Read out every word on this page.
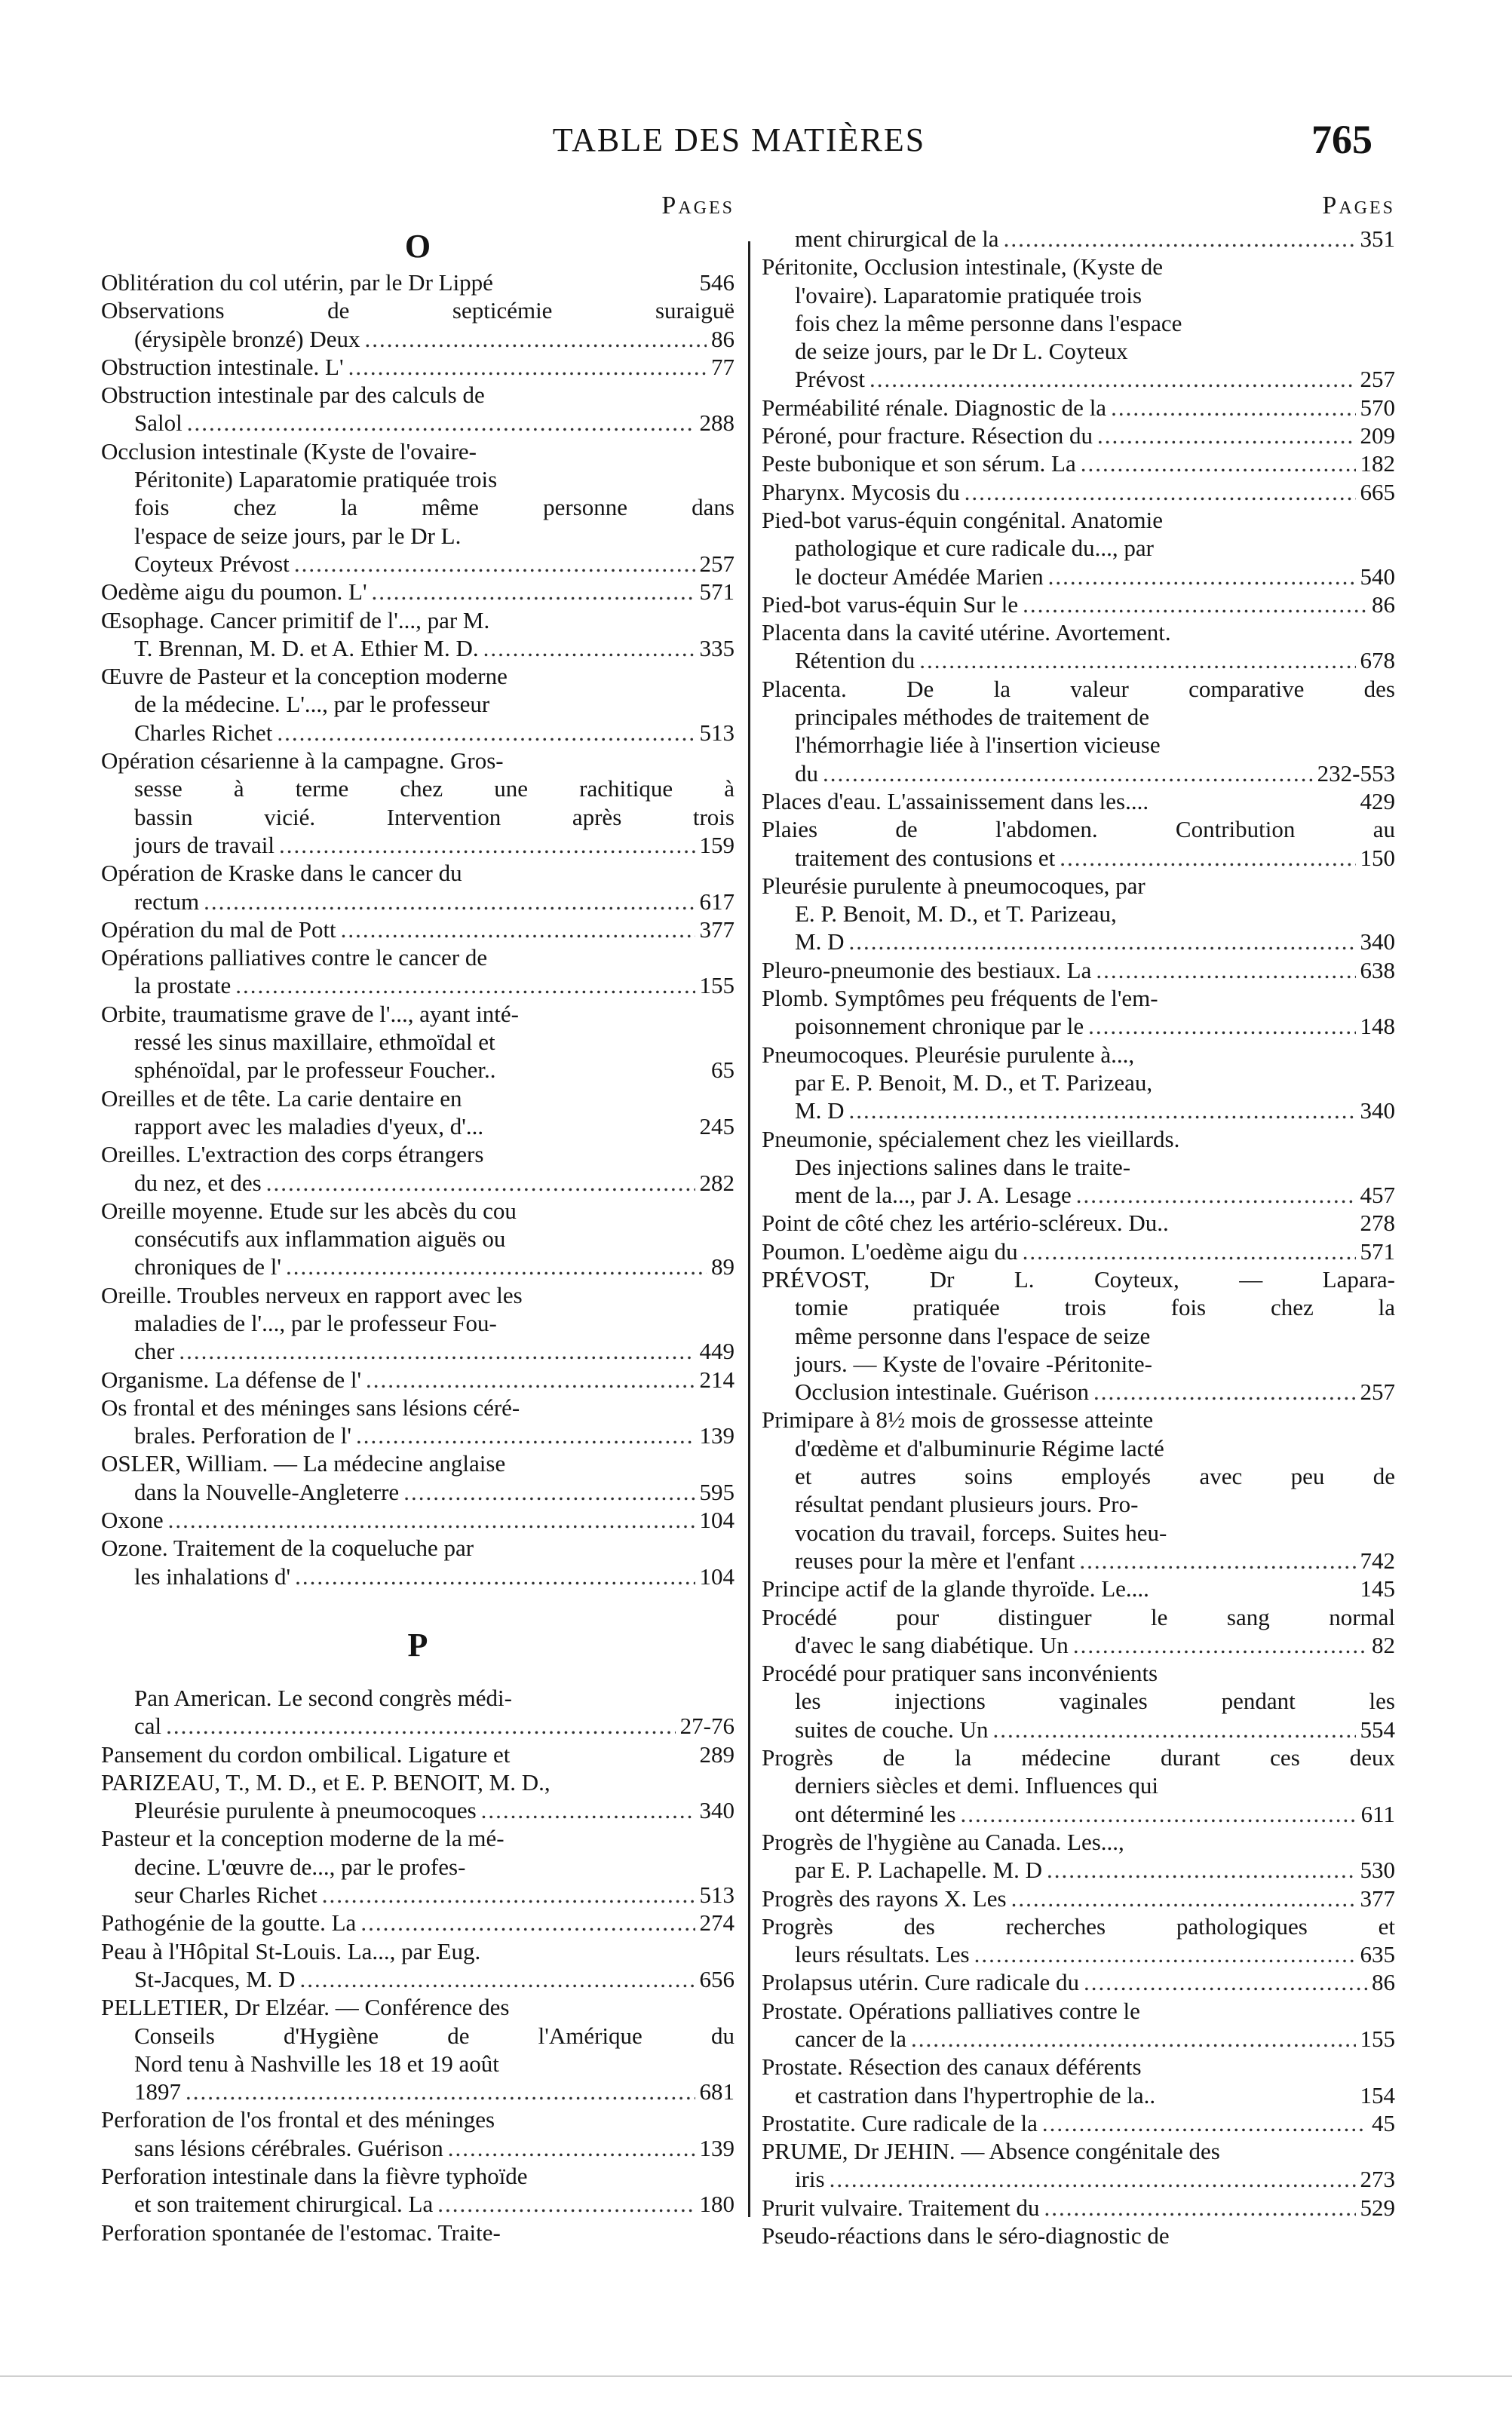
TABLE DES MATIÈRES	765
Pages
O
Oblitération du col utérin, par le Dr Lippé	546
Observations de septicémie suraiguë
(érysipèle bronzé) Deux .....	86
Obstruction intestinale. L' .....	77
Obstruction intestinale par des calculs de
Salol .....	288
Occlusion intestinale (Kyste de l'ovaire-
Péritonite) Laparatomie pratiquée trois
fois chez la même personne dans
l'espace de seize jours, par le Dr L.
Coyteux Prévost .....	257
Oedème aigu du poumon. L' .....	571
Œsophage. Cancer primitif de l'..., par M.
T. Brennan, M. D. et A. Ethier M. D. .....	335
Œuvre de Pasteur et la conception moderne
de la médecine. L'..., par le professeur
Charles Richet .....	513
Opération césarienne à la campagne. Gros-
sesse à terme chez une rachitique à
bassin vicié. Intervention après trois
jours de travail .....	159
Opération de Kraske dans le cancer du
rectum .....	617
Opération du mal de Pott .....	377
Opérations palliatives contre le cancer de
la prostate .....	155
Orbite, traumatisme grave de l'..., ayant inté-
ressé les sinus maxillaire, ethmoïdal et
sphénoïdal, par le professeur Foucher..	65
Oreilles et de tête. La carie dentaire en
rapport avec les maladies d'yeux, d'...	245
Oreilles. L'extraction des corps étrangers
du nez, et des .....	282
Oreille moyenne. Etude sur les abcès du cou
consécutifs aux inflammation aiguës ou
chroniques de l' .....	89
Oreille. Troubles nerveux en rapport avec les
maladies de l'..., par le professeur Fou-
cher .....	449
Organisme. La défense de l' .....	214
Os frontal et des méninges sans lésions céré-
brales. Perforation de l' .....	139
OSLER, William. — La médecine anglaise
dans la Nouvelle-Angleterre .....	595
Oxone .....	104
Ozone. Traitement de la coqueluche par
les inhalations d' .....	104
P
Pan American. Le second congrès médi-
cal .....	27-76
Pansement du cordon ombilical. Ligature et	289
PARIZEAU, T., M. D., et E. P. BENOIT, M. D.,
Pleurésie purulente à pneumocoques .....	340
Pasteur et la conception moderne de la mé-
decine. L'œuvre de..., par le profes-
seur Charles Richet .....	513
Pathogénie de la goutte. La .....	274
Peau à l'Hôpital St-Louis. La..., par Eug.
St-Jacques, M. D .....	656
PELLETIER, Dr Elzéar. — Conférence des
Conseils d'Hygiène de l'Amérique du
Nord tenu à Nashville les 18 et 19 août
1897 .....	681
Perforation de l'os frontal et des méninges
sans lésions cérébrales. Guérison .....	139
Perforation intestinale dans la fièvre typhoïde
et son traitement chirurgical. La .....	180
Perforation spontanée de l'estomac. Traite-
Pages
ment chirurgical de la .....	351
Péritonite, Occlusion intestinale, (Kyste de
l'ovaire). Laparatomie pratiquée trois
fois chez la même personne dans l'espace
de seize jours, par le Dr L. Coyteux
Prévost .....	257
Perméabilité rénale. Diagnostic de la .....	570
Péroné, pour fracture. Résection du .....	209
Peste bubonique et son sérum. La .....	182
Pharynx. Mycosis du .....	665
Pied-bot varus-équin congénital. Anatomie
pathologique et cure radicale du..., par
le docteur Amédée Marien .....	540
Pied-bot varus-équin Sur le .....	86
Placenta dans la cavité utérine. Avortement.
Rétention du .....	678
Placenta. De la valeur comparative des
principales méthodes de traitement de
l'hémorrhagie liée à l'insertion vicieuse
du .....	232-553
Places d'eau. L'assainissement dans les....	429
Plaies de l'abdomen. Contribution au
traitement des contusions et .....	150
Pleurésie purulente à pneumocoques, par
E. P. Benoit, M. D., et T. Parizeau,
M. D .....	340
Pleuro-pneumonie des bestiaux. La .....	638
Plomb. Symptômes peu fréquents de l'em-
poisonnement chronique par le .....	148
Pneumocoques. Pleurésie purulente à...,
par E. P. Benoit, M. D., et T. Parizeau,
M. D .....	340
Pneumonie, spécialement chez les vieillards.
Des injections salines dans le traite-
ment de la..., par J. A. Lesage .....	457
Point de côté chez les artério-scléreux. Du..	278
Poumon. L'oedème aigu du .....	571
PRÉVOST, Dr L. Coyteux, — Lapara-
tomie pratiquée trois fois chez la
même personne dans l'espace de seize
jours. — Kyste de l'ovaire -Péritonite-
Occlusion intestinale. Guérison .....	257
Primipare à 8½ mois de grossesse atteinte
d'œdème et d'albuminurie Régime lacté
et autres soins employés avec peu de
résultat pendant plusieurs jours. Pro-
vocation du travail, forceps. Suites heu-
reuses pour la mère et l'enfant .....	742
Principe actif de la glande thyroïde. Le....	145
Procédé pour distinguer le sang normal
d'avec le sang diabétique. Un .....	82
Procédé pour pratiquer sans inconvénients
les injections vaginales pendant les
suites de couche. Un .....	554
Progrès de la médecine durant ces deux
derniers siècles et demi. Influences qui
ont déterminé les .....	611
Progrès de l'hygiène au Canada. Les...,
par E. P. Lachapelle. M. D .....	530
Progrès des rayons X. Les .....	377
Progrès des recherches pathologiques et
leurs résultats. Les .....	635
Prolapsus utérin. Cure radicale du .....	86
Prostate. Opérations palliatives contre le
cancer de la .....	155
Prostate. Résection des canaux déférents
et castration dans l'hypertrophie de la..	154
Prostatite. Cure radicale de la .....	45
PRUME, Dr JEHIN. — Absence congénitale des
iris .....	273
Prurit vulvaire. Traitement du .....	529
Pseudo-réactions dans le séro-diagnostic de
